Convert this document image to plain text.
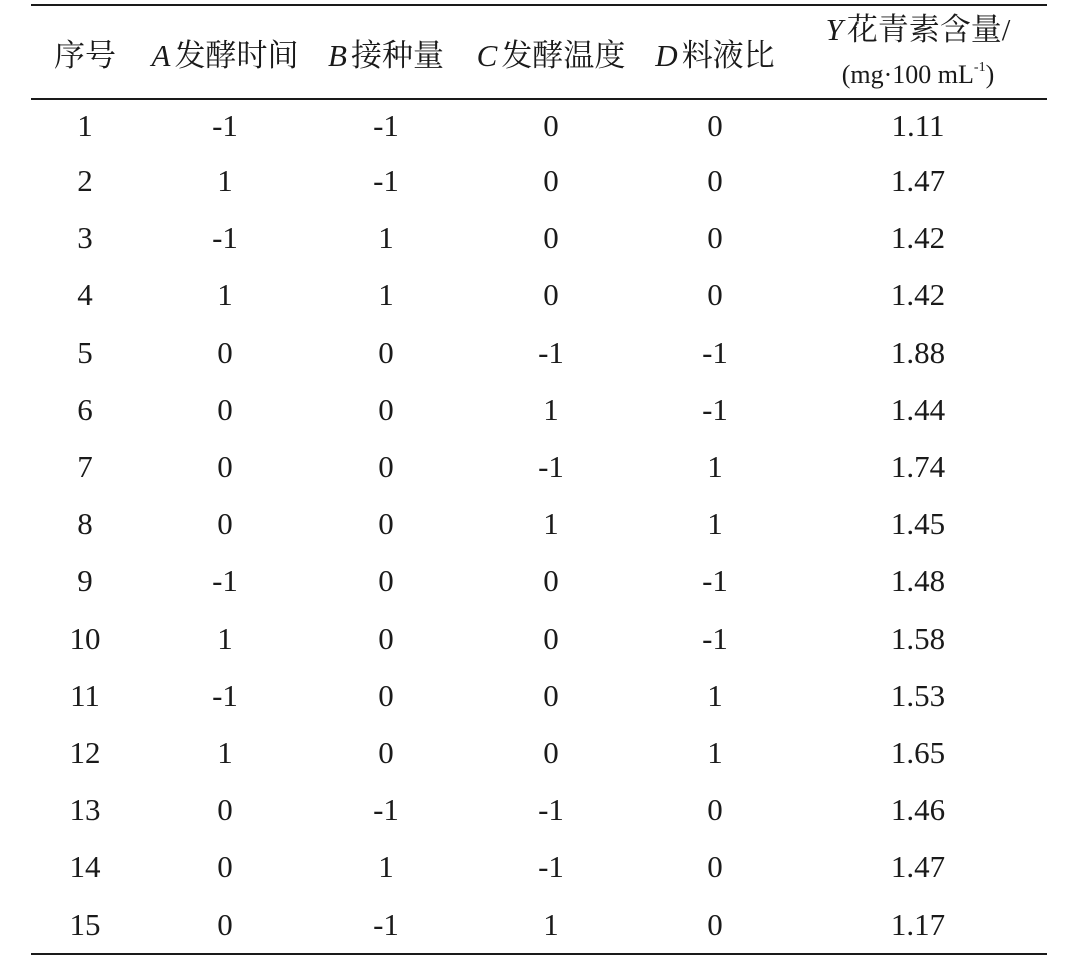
序号	A 发酵时间	B 接种量	C 发酵温度	D 料液比	
Y 花青素含量/
(mg·100 $mL^{-1}$)
1	-1	-1	0	0	1.11
2	1	-1	0	0	1.47
3	-1	1	0	0	1.42
4	1	1	0	0	1.42
5	0	0	-1	-1	1.88
6	0	0	1	-1	1.44
7	0	0	-1	1	1.74
8	0	0	1	1	1.45
9	-1	0	0	-1	1.48
10	1	0	0	-1	1.58
11	-1	0	0	1	1.53
12	1	0	0	1	1.65
13	0	-1	-1	0	1.46
14	0	1	-1	0	1.47
15	0	-1	1	0	1.17
